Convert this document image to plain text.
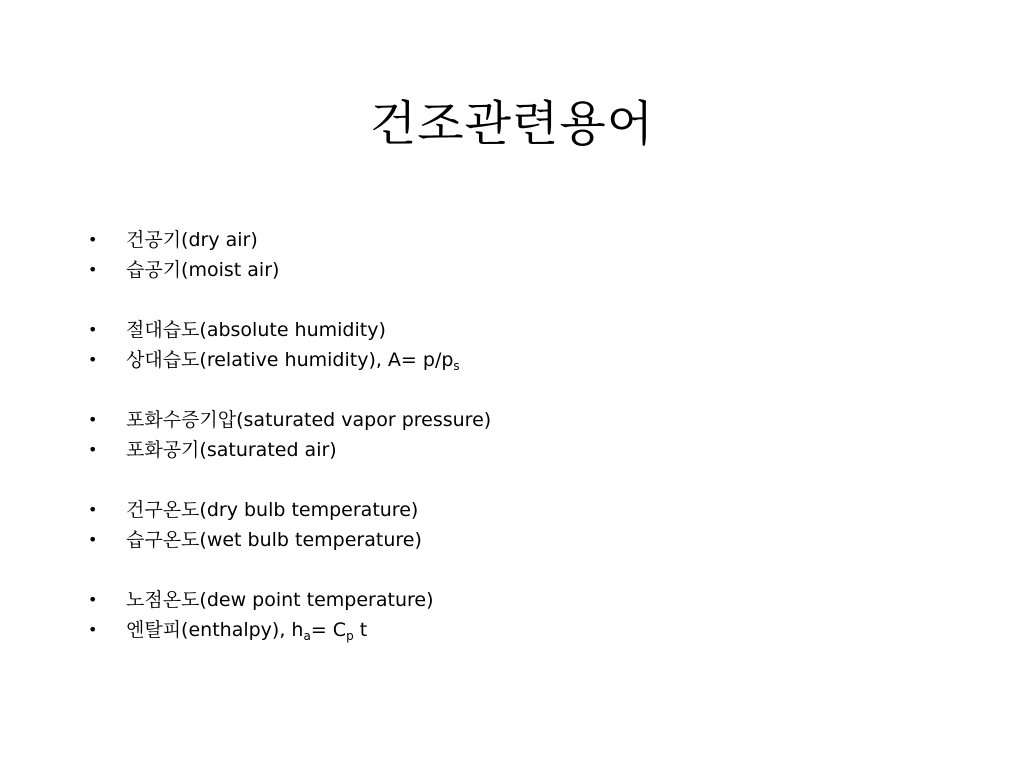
건조관련용어
• 건공기(dry air)
• 습공기(moist air)
• 절대습도(absolute humidity)
• 상대습도(relative humidity), $A= p/p_s$
• 포화수증기압(saturated vapor pressure)
• 포화공기(saturated air)
• 건구온도(dry bulb temperature)
• 습구온도(wet bulb temperature)
• 노점온도(dew point temperature)
• 엔탈피(enthalpy), $h_a= C_p$ t
